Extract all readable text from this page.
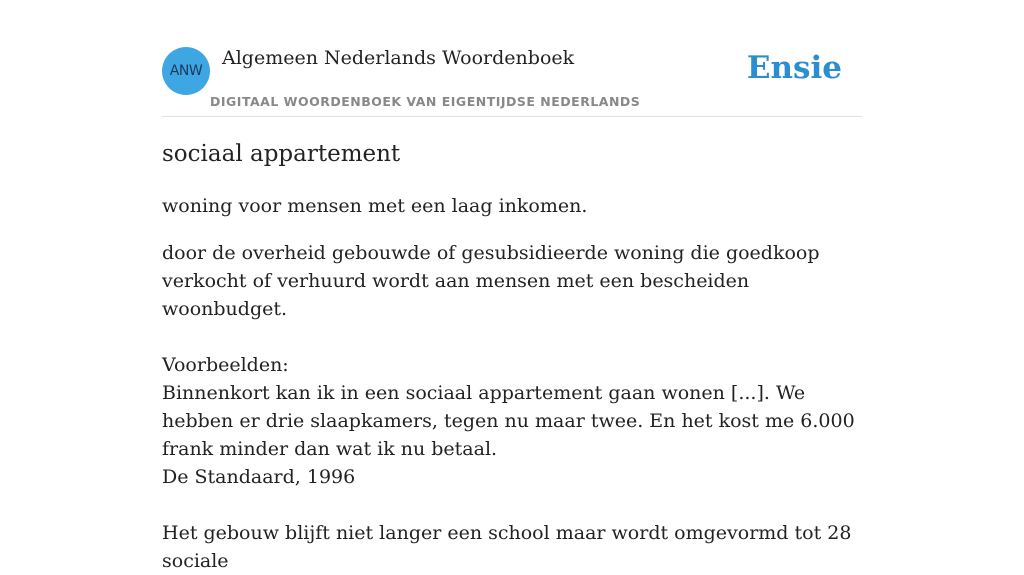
ANW
Algemeen Nederlands Woordenboek
DIGITAAL WOORDENBOEK VAN EIGENTIJDSE NEDERLANDS
Ensie
sociaal appartement

woning voor mensen met een laag inkomen.

door de overheid gebouwde of gesubsidieerde woning die goedkoop verkocht of verhuurd wordt aan mensen met een bescheiden woonbudget.

Voorbeelden:

Binnenkort kan ik in een sociaal appartement gaan wonen [...]. We hebben er drie slaapkamers, tegen nu maar twee. En het kost me 6.000 frank minder dan wat ik nu betaal.

De Standaard, 1996

Het gebouw blijft niet langer een school maar wordt omgevormd tot 28 sociale
